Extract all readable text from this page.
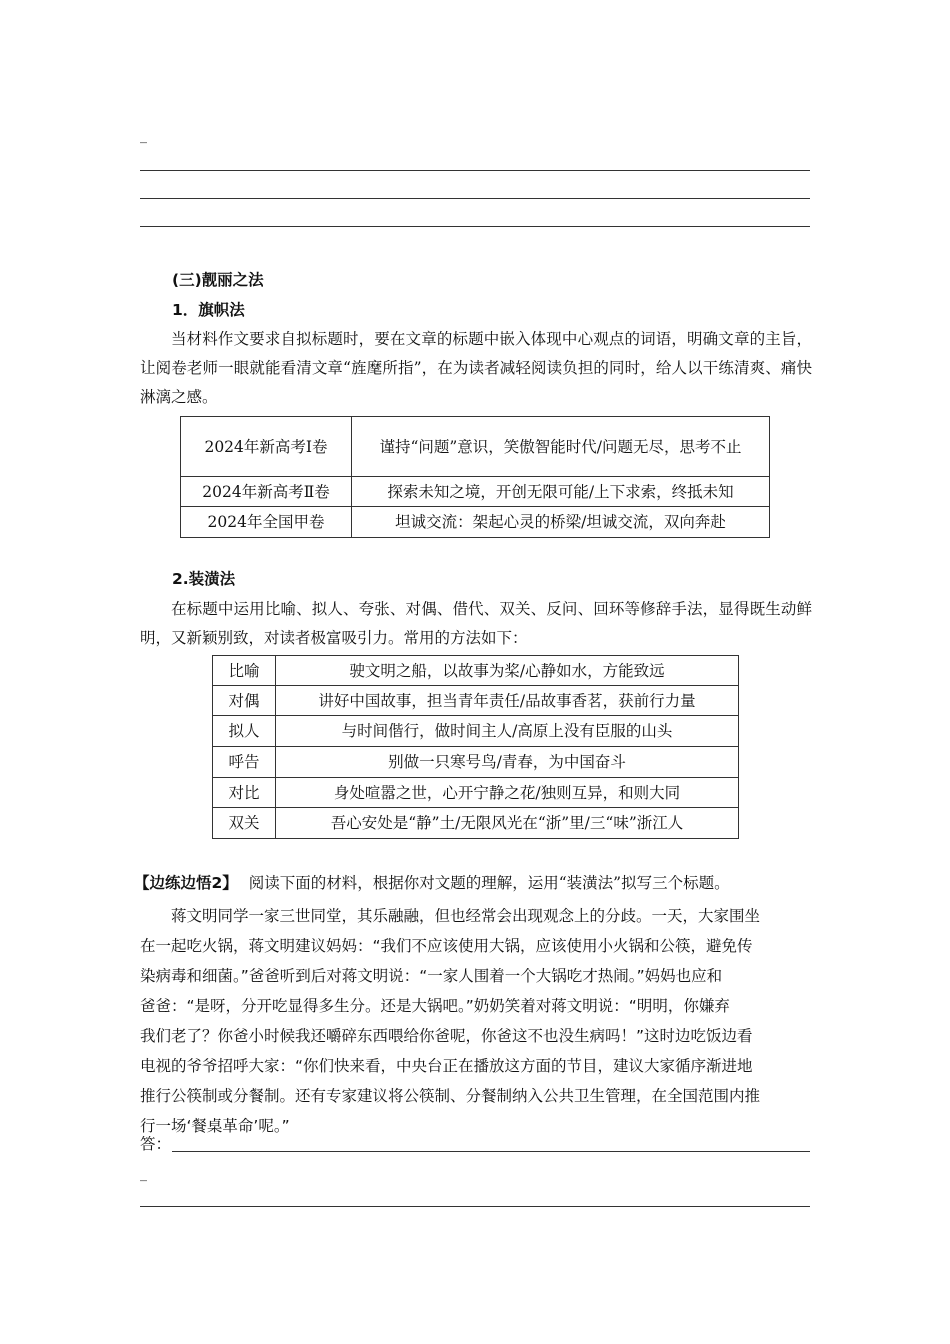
_
(三)靓丽之法
1．旗帜法
当材料作文要求自拟标题时，要在文章的标题中嵌入体现中心观点的词语，明确文章的主旨，让阅卷老师一眼就能看清文章“旌麾所指”，在为读者减轻阅读负担的同时，给人以干练清爽、痛快淋漓之感。
2024年新高考Ⅰ卷	谨持“问题”意识，笑傲智能时代/问题无尽，思考不止
2024年新高考Ⅱ卷	探索未知之境，开创无限可能/上下求索，终抵未知
2024年全国甲卷	坦诚交流：架起心灵的桥梁/坦诚交流，双向奔赴
2.装潢法
在标题中运用比喻、拟人、夸张、对偶、借代、双关、反问、回环等修辞手法，显得既生动鲜明，又新颖别致，对读者极富吸引力。常用的方法如下：
比喻	驶文明之船，以故事为桨/心静如水，方能致远
对偶	讲好中国故事，担当青年责任/品故事香茗，获前行力量
拟人	与时间偕行，做时间主人/高原上没有臣服的山头
呼告	别做一只寒号鸟/青春，为中国奋斗
对比	身处喧嚣之世，心开宁静之花/独则互异，和则大同
双关	吾心安处是“静”土/无限风光在“浙”里/三“味”浙江人
【边练边悟2】 阅读下面的材料，根据你对文题的理解，运用“装潢法”拟写三个标题。
蒋文明同学一家三世同堂，其乐融融，但也经常会出现观念上的分歧。一天，大家围坐
在一起吃火锅，蒋文明建议妈妈：“我们不应该使用大锅，应该使用小火锅和公筷，避免传
染病毒和细菌。”爸爸听到后对蒋文明说：“一家人围着一个大锅吃才热闹。”妈妈也应和
爸爸：“是呀，分开吃显得多生分。还是大锅吧。”奶奶笑着对蒋文明说：“明明，你嫌弃
我们老了？你爸小时候我还嚼碎东西喂给你爸呢，你爸这不也没生病吗！”这时边吃饭边看
电视的爷爷招呼大家：“你们快来看，中央台正在播放这方面的节目，建议大家循序渐进地
推行公筷制或分餐制。还有专家建议将公筷制、分餐制纳入公共卫生管理，在全国范围内推
行一场‘餐桌革命’呢。”
答：
_
